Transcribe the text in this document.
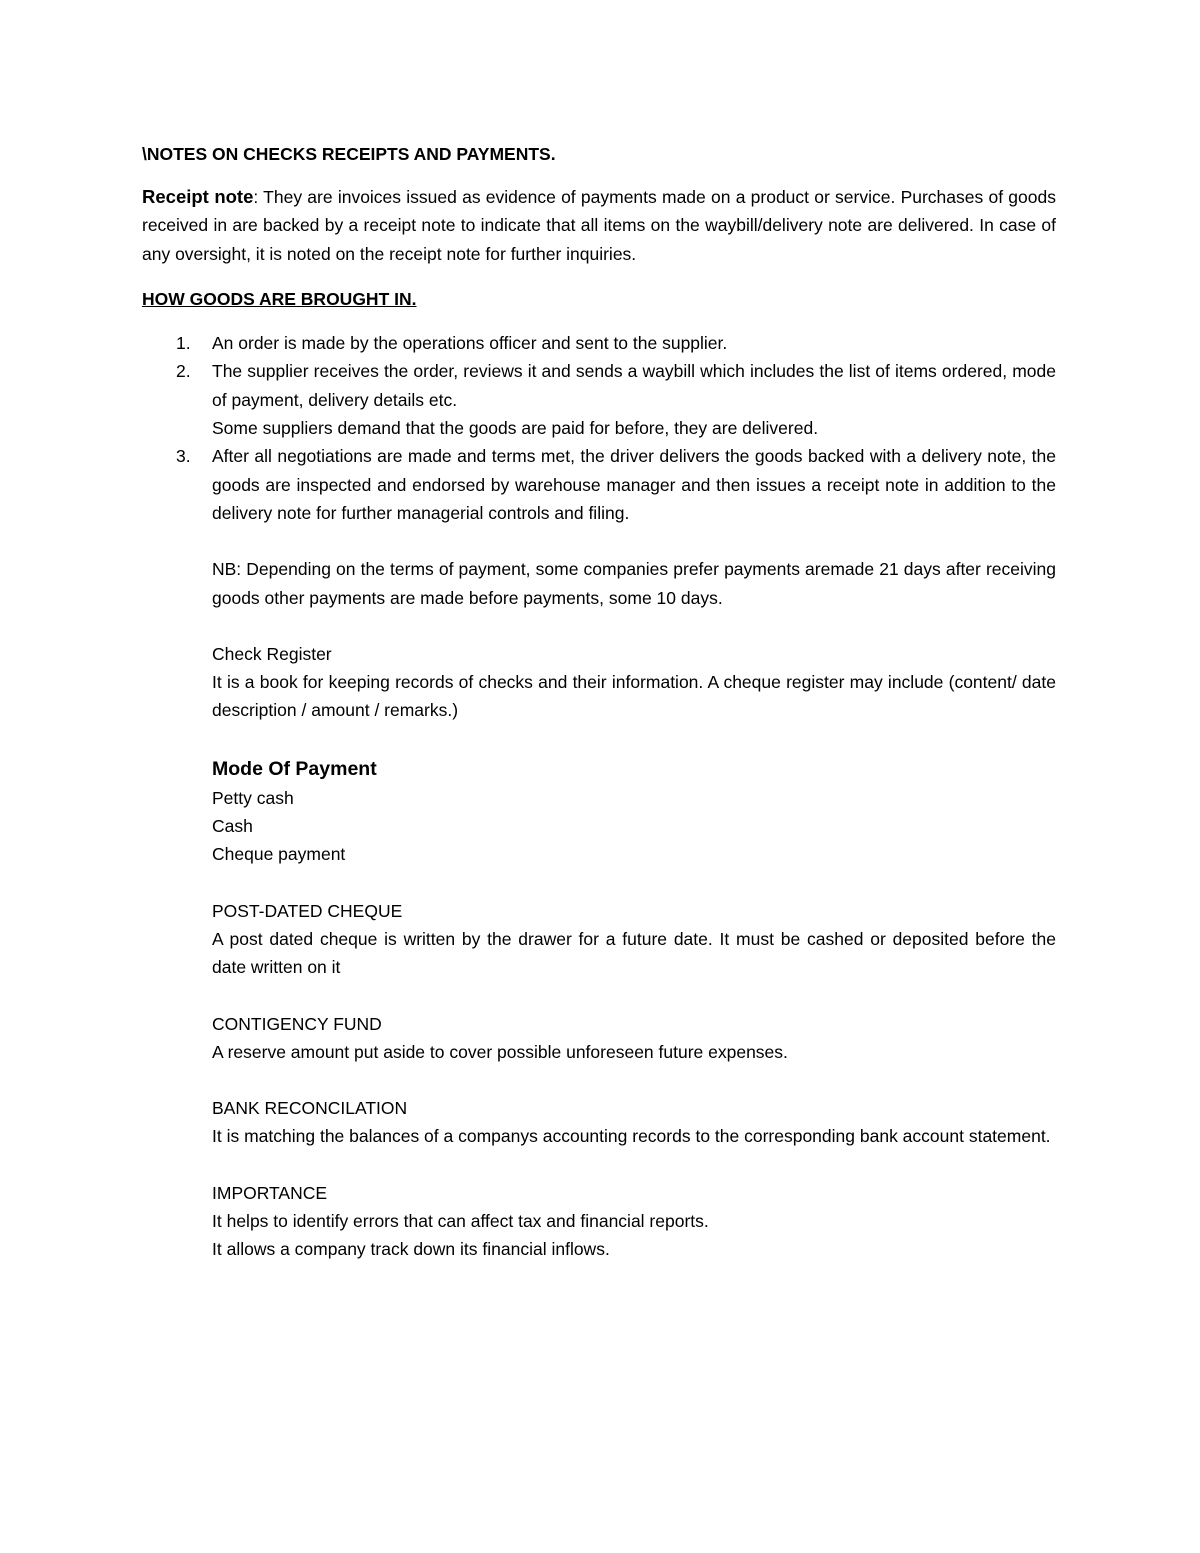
\NOTES ON CHECKS RECEIPTS AND PAYMENTS.

Receipt note: They are invoices issued as evidence of payments made on a product or service. Purchases of goods received in are backed by a receipt note to indicate that all items on the waybill/delivery note are delivered. In case of any oversight, it is noted on the receipt note for further inquiries.

HOW GOODS ARE BROUGHT IN.

1. An order is made by the operations officer and sent to the supplier.
2. The supplier receives the order, reviews it and sends a waybill which includes the list of items ordered, mode of payment, delivery details etc.
Some suppliers demand that the goods are paid for before, they are delivered.
3. After all negotiations are made and terms met, the driver delivers the goods backed with a delivery note, the goods are inspected and endorsed by warehouse manager and then issues a receipt note in addition to the delivery note for further managerial controls and filing.

NB: Depending on the terms of payment, some companies prefer payments aremade 21 days after receiving goods other payments are made before payments, some 10 days.

Check Register

It is a book for keeping records of checks and their information. A cheque register may include (content/ date description / amount / remarks.)

Mode Of Payment

Petty cash

Cash

Cheque payment

POST-DATED CHEQUE

A post dated cheque is written by the drawer for a future date. It must be cashed or deposited before the date written on it

CONTIGENCY FUND

A reserve amount put aside to cover possible unforeseen future expenses.

BANK RECONCILATION

It is matching the balances of a companys accounting records to the corresponding bank account statement.

IMPORTANCE

It helps to identify errors that can affect tax and financial reports.

It allows a company track down its financial inflows.
